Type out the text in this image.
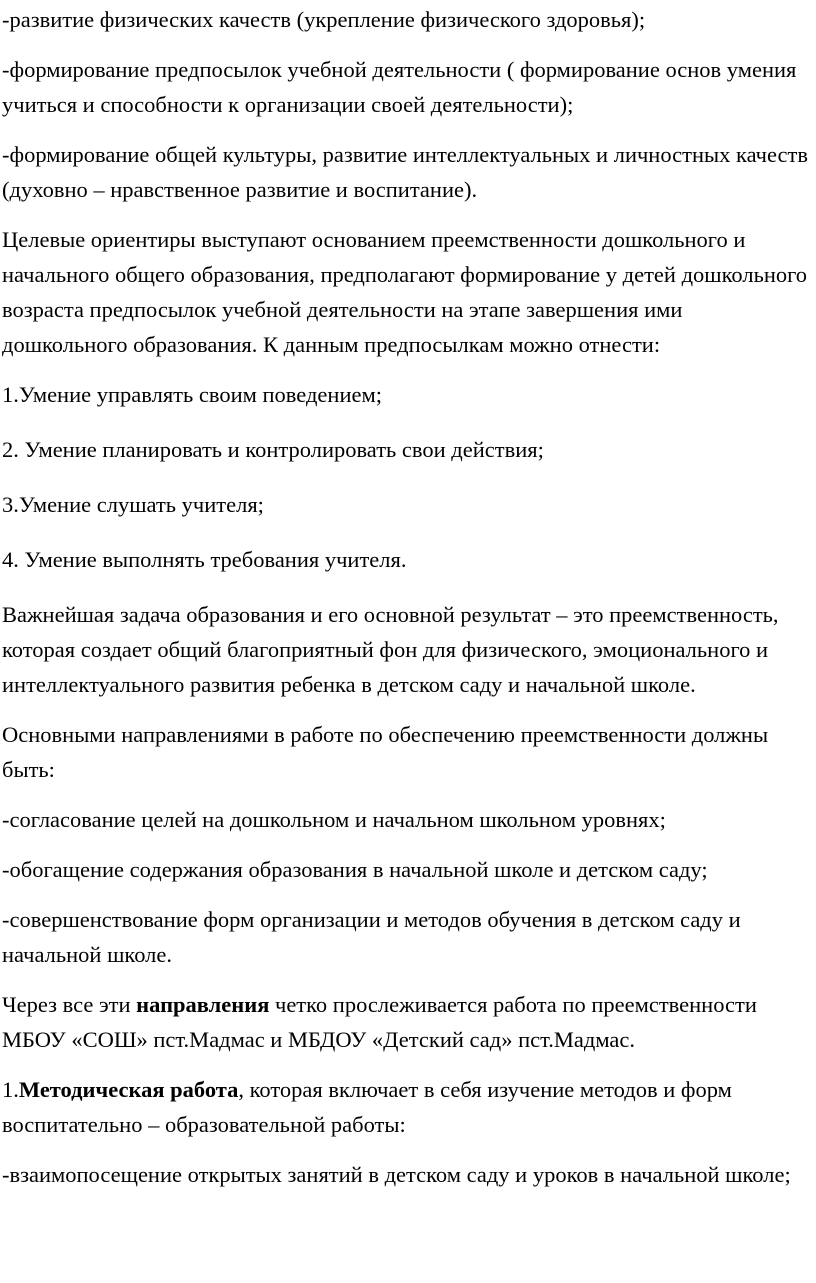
-развитие физических качеств (укрепление физического здоровья);

-формирование предпосылок учебной деятельности ( формирование основ умения учиться и способности к организации своей деятельности);

-формирование общей культуры, развитие интеллектуальных и личностных качеств (духовно – нравственное развитие и воспитание).

Целевые ориентиры выступают основанием преемственности дошкольного и начального общего образования, предполагают формирование у детей дошкольного возраста предпосылок учебной деятельности на этапе завершения ими дошкольного образования. К данным предпосылкам можно отнести:

1.Умение управлять своим поведением;

2. Умение планировать и контролировать свои действия;

3.Умение слушать учителя;

4. Умение выполнять требования учителя.

Важнейшая задача образования и его основной результат – это преемственность, которая создает общий благоприятный фон для физического, эмоционального и интеллектуального развития ребенка в детском саду и начальной школе.

Основными направлениями в работе по обеспечению преемственности должны быть:

-согласование целей на дошкольном и начальном школьном уровнях;

-обогащение содержания образования в начальной школе и детском саду;

-совершенствование форм организации и методов обучения в детском саду и начальной школе.

Через все эти направления четко прослеживается работа по преемственности МБОУ «СОШ» пст.Мадмас и МБДОУ «Детский сад» пст.Мадмас.

1.Методическая работа, которая включает в себя изучение методов и форм воспитательно – образовательной работы:

-взаимопосещение открытых занятий в детском саду и уроков в начальной школе;
